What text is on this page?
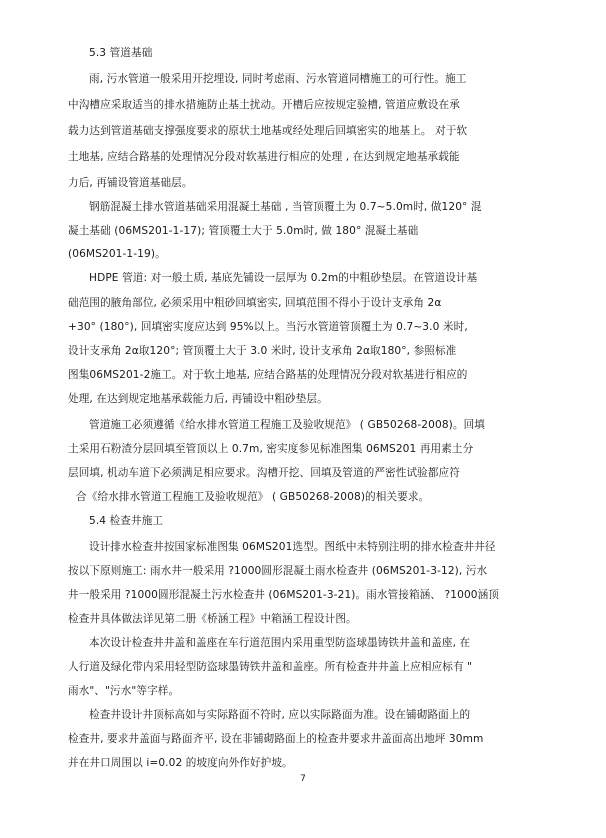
5.3 管道基础
雨, 污水管道一般采用开挖埋设, 同时考虑雨、污水管道同槽施工的可行性。施工
中沟槽应采取适当的排水措施防止基土扰动。开槽后应按规定验槽, 管道应敷设在承
载力达到管道基础支撑强度要求的原状土地基或经处理后回填密实的地基上。 对于软
土地基, 应结合路基的处理情况分段对软基进行相应的处理 , 在达到规定地基承载能
力后, 再铺设管道基础层。
钢筋混凝土排水管道基础采用混凝土基础 , 当管顶覆土为 0.7~5.0m时, 做120° 混
凝土基础 (06MS201-1-17); 管顶覆土大于 5.0m时, 做 180° 混凝土基础
(06MS201-1-19)。
HDPE 管道: 对一般土质, 基底先铺设一层厚为 0.2m的中粗砂垫层。在管道设计基
础范围的腋角部位, 必须采用中粗砂回填密实, 回填范围不得小于设计支承角 2α
+30° (180°), 回填密实度应达到 95%以上。当污水管道管顶覆土为 0.7~3.0 米时,
设计支承角 2α取120°; 管顶覆土大于 3.0 米时, 设计支承角 2α取180°, 参照标准
图集06MS201-2施工。对于软土地基, 应结合路基的处理情况分段对软基进行相应的
处理, 在达到规定地基承载能力后, 再铺设中粗砂垫层。
管道施工必须遵循《给水排水管道工程施工及验收规范》 ( GB50268-2008)。回填
土采用石粉渣分层回填至管顶以上 0.7m, 密实度参见标准图集 06MS201 再用素土分
层回填, 机动车道下必须满足相应要求。沟槽开挖、回填及管道的严密性试验都应符
合《给水排水管道工程施工及验收规范》 ( GB50268-2008)的相关要求。
5.4 检查井施工
设计排水检查井按国家标准图集 06MS201选型。图纸中未特别注明的排水检查井井径
按以下原则施工: 雨水井一般采用 ?1000圆形混凝土雨水检查井 (06MS201-3-12), 污水
井一般采用 ?1000圆形混凝土污水检查井 (06MS201-3-21)。雨水管接箱涵、 ?1000涵顶
检查井具体做法详见第二册《桥涵工程》中箱涵工程设计图。
本次设计检查井井盖和盖座在车行道范围内采用重型防盗球墨铸铁井盖和盖座, 在
人行道及绿化带内采用轻型防盗球墨铸铁井盖和盖座。所有检查井井盖上应相应标有 "
雨水"、"污水"等字样。
检查井设计井顶标高如与实际路面不符时, 应以实际路面为准。设在铺砌路面上的
检查井, 要求井盖面与路面齐平, 设在非铺砌路面上的检查井要求井盖面高出地坪 30mm
并在井口周围以 i=0.02 的坡度向外作好护坡。
7
